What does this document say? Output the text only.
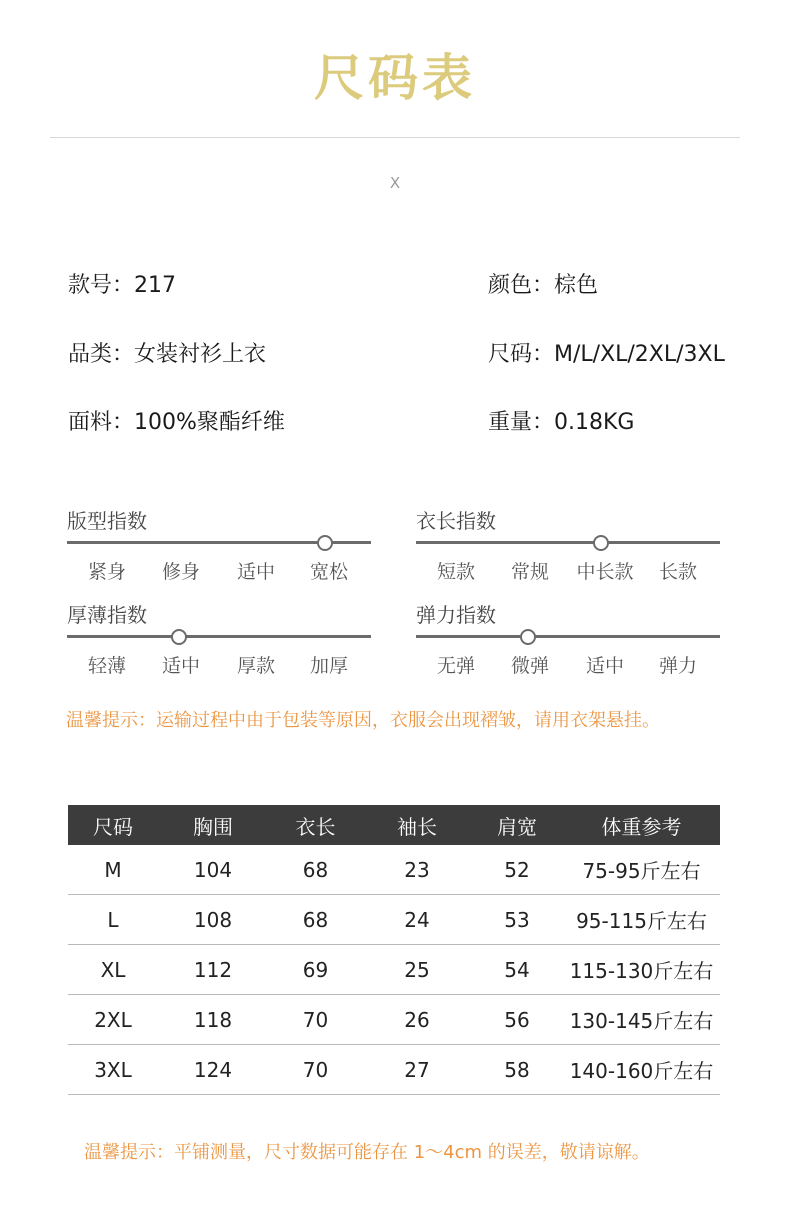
尺码表
X
款号：217	颜色：棕色
品类：女装衬衫上衣	尺码：M/L/XL/2XL/3XL
面料：100%聚酯纤维	重量：0.18KG
版型指数
紧身	修身	适中	宽松
衣长指数
短款	常规	中长款	长款
厚薄指数
轻薄	适中	厚款	加厚
弹力指数
无弹	微弹	适中	弹力
温馨提示：运输过程中由于包装等原因，衣服会出现褶皱，请用衣架悬挂。
尺码	胸围	衣长	袖长	肩宽	体重参考
M	104	68	23	52	75-95斤左右
L	108	68	24	53	95-115斤左右
XL	112	69	25	54	115-130斤左右
2XL	118	70	26	56	130-145斤左右
3XL	124	70	27	58	140-160斤左右
温馨提示：平铺测量，尺寸数据可能存在 1～4cm 的误差，敬请谅解。
